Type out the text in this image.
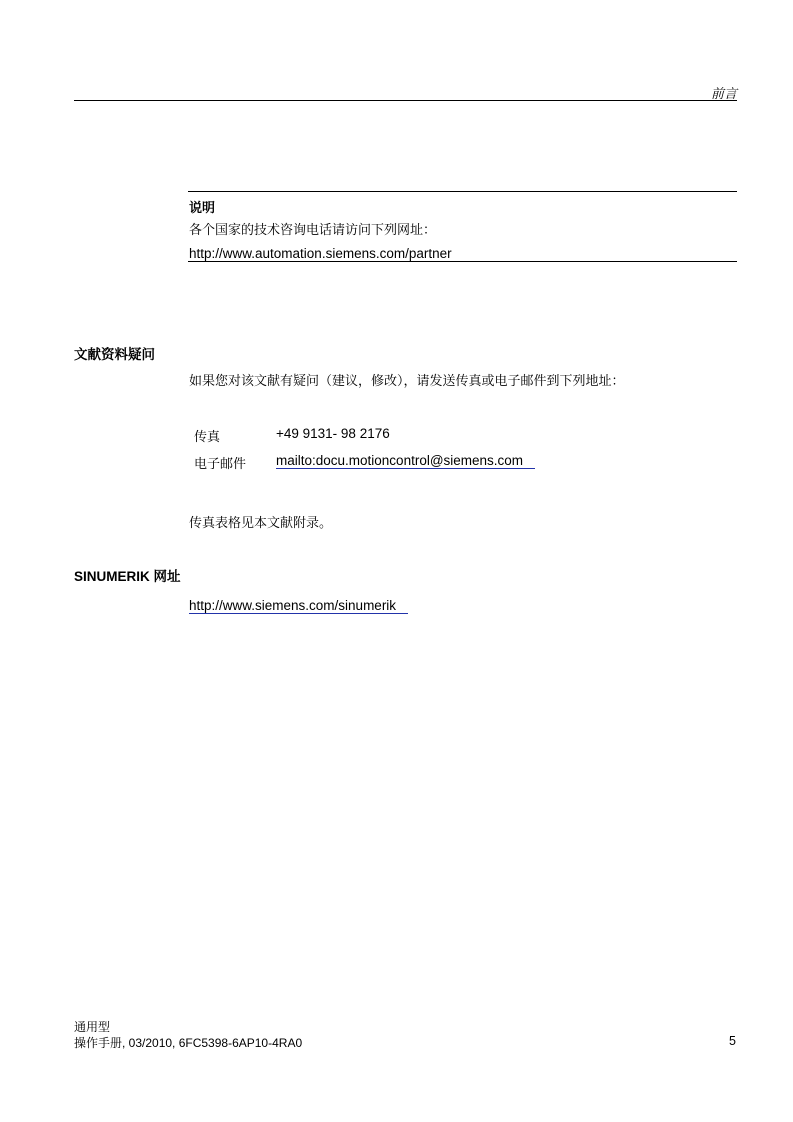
前言
说明
各个国家的技术咨询电话请访问下列网址：
http://www.automation.siemens.com/partner
文献资料疑问
如果您对该文献有疑问（建议，修改），请发送传真或电子邮件到下列地址：
传真	+49 9131- 98 2176
电子邮件 mailto:docu.motioncontrol@siemens.com
传真表格见本文献附录。
SINUMERIK 网址
http://www.siemens.com/sinumerik
通用型
操作手册, 03/2010, 6FC5398-6AP10-4RA0	5
